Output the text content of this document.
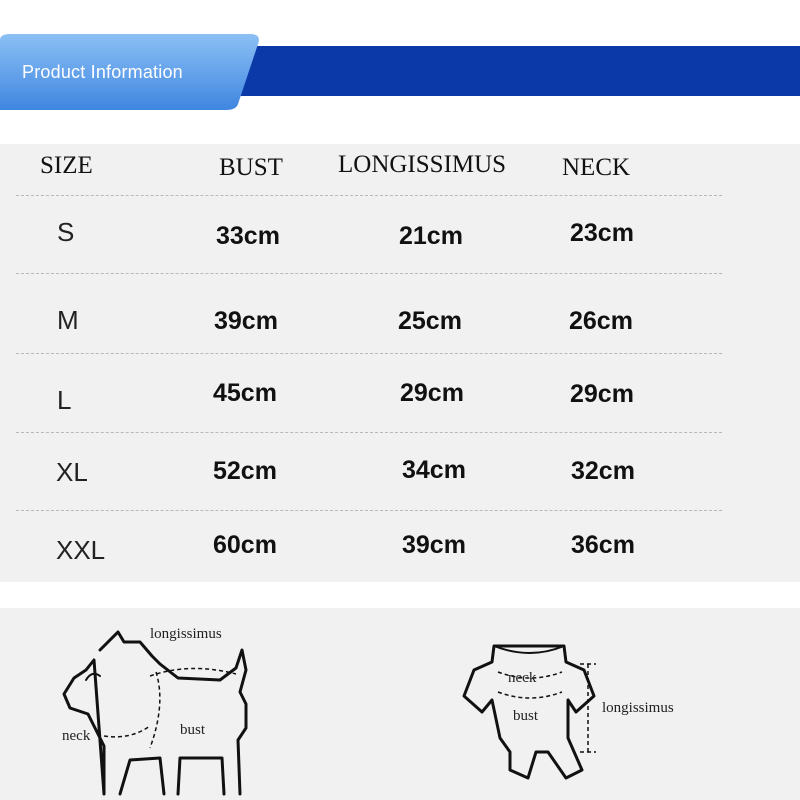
Product Information
SIZE	BUST LONGISSIMUS NECK
S	33cm	21cm	23cm
M	39cm	25cm	26cm
L	45cm	29cm	29cm
XL	52cm	34cm	32cm
XXL	60cm	39cm	36cm
longissimus
neck	bust
neck
bust	longissimus
